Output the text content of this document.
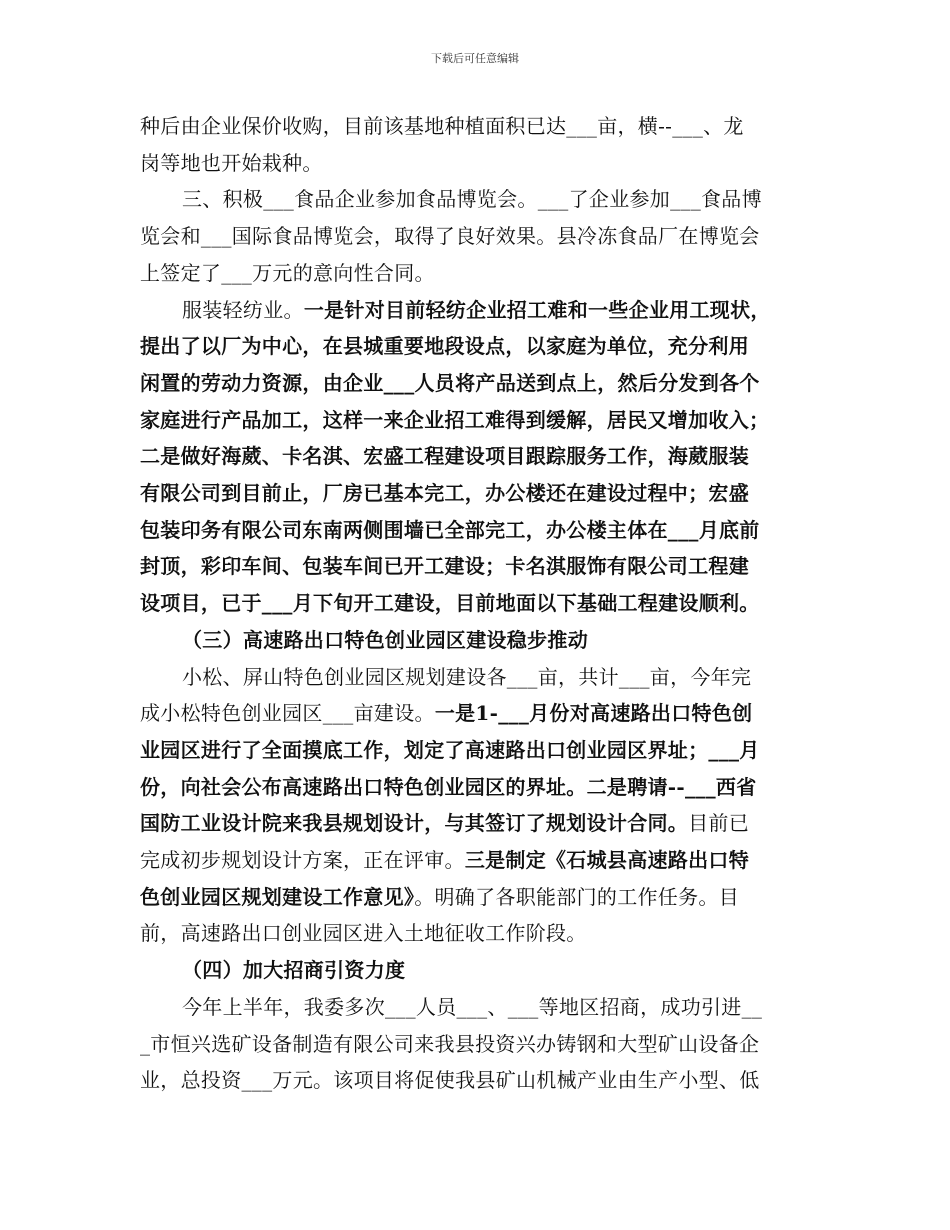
下载后可任意编辑

种后由企业保价收购，目前该基地种植面积已达___亩，横--___、龙

岗等地也开始栽种。

三、积极___食品企业参加食品博览会。___了企业参加___食品博

览会和___国际食品博览会，取得了良好效果。县冷冻食品厂在博览会

上签定了___万元的意向性合同。

服装轻纺业。一是针对目前轻纺企业招工难和一些企业用工现状，

提出了以厂为中心，在县城重要地段设点，以家庭为单位，充分利用

闲置的劳动力资源，由企业___人员将产品送到点上，然后分发到各个

家庭进行产品加工，这样一来企业招工难得到缓解，居民又增加收入；

二是做好海葳、卡名淇、宏盛工程建设项目跟踪服务工作，海葳服装

有限公司到目前止，厂房已基本完工，办公楼还在建设过程中；宏盛

包装印务有限公司东南两侧围墙已全部完工，办公楼主体在___月底前

封顶，彩印车间、包装车间已开工建设；卡名淇服饰有限公司工程建

设项目，已于___月下旬开工建设，目前地面以下基础工程建设顺利。

（三）高速路出口特色创业园区建设稳步推动

小松、屏山特色创业园区规划建设各___亩，共计___亩，今年完

成小松特色创业园区___亩建设。一是1-___月份对高速路出口特色创

业园区进行了全面摸底工作，划定了高速路出口创业园区界址；___月

份，向社会公布高速路出口特色创业园区的界址。二是聘请--___西省

国防工业设计院来我县规划设计，与其签订了规划设计合同。目前已

完成初步规划设计方案，正在评审。三是制定《石城县高速路出口特

色创业园区规划建设工作意见》。明确了各职能部门的工作任务。目

前，高速路出口创业园区进入土地征收工作阶段。

（四）加大招商引资力度

今年上半年，我委多次___人员___、___等地区招商，成功引进__

_市恒兴选矿设备制造有限公司来我县投资兴办铸钢和大型矿山设备企

业，总投资___万元。该项目将促使我县矿山机械产业由生产小型、低
